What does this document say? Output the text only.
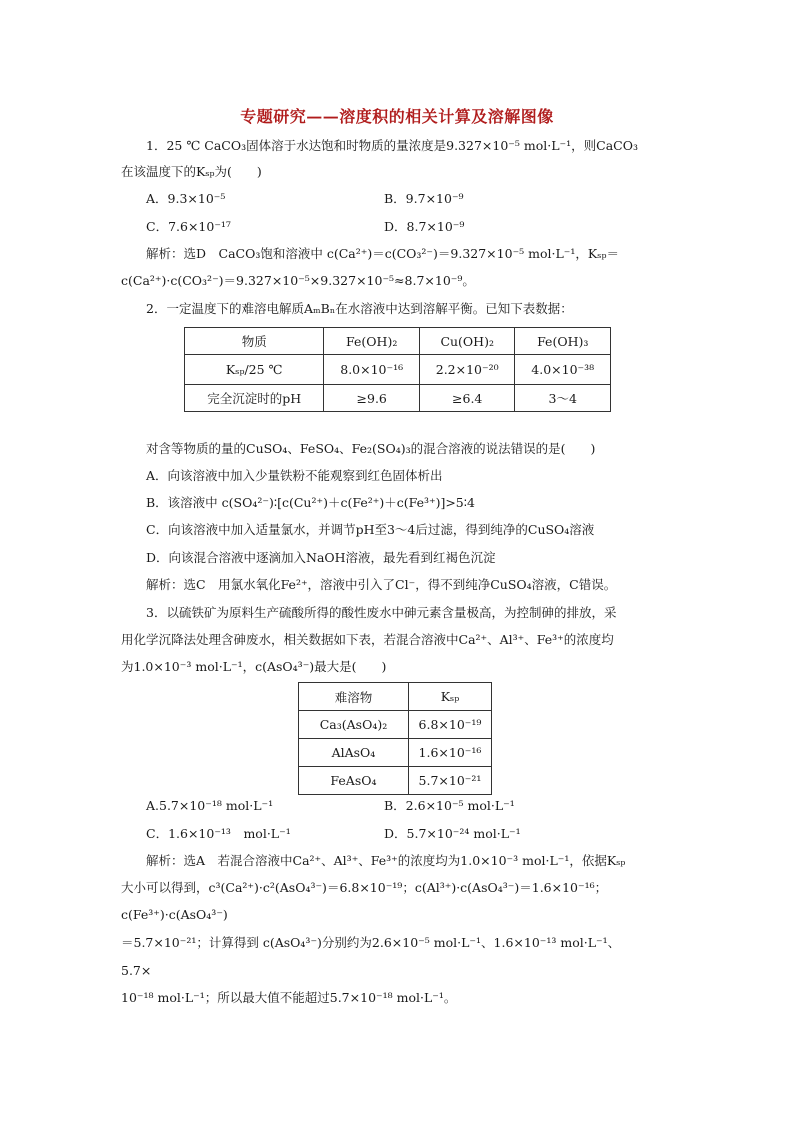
专题研究——溶度积的相关计算及溶解图像
1．25 ℃ CaCO₃固体溶于水达饱和时物质的量浓度是9.327×10⁻⁵ mol·L⁻¹，则CaCO₃
在该温度下的Kₛₚ为(　　)
A．9.3×10⁻⁵	B．9.7×10⁻⁹
C．7.6×10⁻¹⁷	D．8.7×10⁻⁹
解析：选D　CaCO₃饱和溶液中 c(Ca²⁺)＝c(CO₃²⁻)＝9.327×10⁻⁵ mol·L⁻¹，Kₛₚ＝
c(Ca²⁺)·c(CO₃²⁻)＝9.327×10⁻⁵×9.327×10⁻⁵≈8.7×10⁻⁹。
2．一定温度下的难溶电解质AₘBₙ在水溶液中达到溶解平衡。已知下表数据：
物质	Fe(OH)₂	Cu(OH)₂	Fe(OH)₃
Kₛₚ/25 ℃	8.0×10⁻¹⁶	2.2×10⁻²⁰	4.0×10⁻³⁸
完全沉淀时的pH	≥9.6	≥6.4	3～4
对含等物质的量的CuSO₄、FeSO₄、Fe₂(SO₄)₃的混合溶液的说法错误的是(　　)
A．向该溶液中加入少量铁粉不能观察到红色固体析出
B．该溶液中 c(SO₄²⁻)∶[c(Cu²⁺)＋c(Fe²⁺)＋c(Fe³⁺)]>5∶4
C．向该溶液中加入适量氯水，并调节pH至3～4后过滤，得到纯净的CuSO₄溶液
D．向该混合溶液中逐滴加入NaOH溶液，最先看到红褐色沉淀
解析：选C　用氯水氧化Fe²⁺，溶液中引入了Cl⁻，得不到纯净CuSO₄溶液，C错误。
3．以硫铁矿为原料生产硫酸所得的酸性废水中砷元素含量极高，为控制砷的排放，采
用化学沉降法处理含砷废水，相关数据如下表，若混合溶液中Ca²⁺、Al³⁺、Fe³⁺的浓度均
为1.0×10⁻³ mol·L⁻¹，c(AsO₄³⁻)最大是(　　)
难溶物	Kₛₚ
Ca₃(AsO₄)₂	6.8×10⁻¹⁹
AlAsO₄	1.6×10⁻¹⁶
FeAsO₄	5.7×10⁻²¹
A.5.7×10⁻¹⁸ mol·L⁻¹	B．2.6×10⁻⁵ mol·L⁻¹
C．1.6×10⁻¹³　mol·L⁻¹	D．5.7×10⁻²⁴ mol·L⁻¹
解析：选A　若混合溶液中Ca²⁺、Al³⁺、Fe³⁺的浓度均为1.0×10⁻³ mol·L⁻¹，依据Kₛₚ
大小可以得到，c³(Ca²⁺)·c²(AsO₄³⁻)＝6.8×10⁻¹⁹；c(Al³⁺)·c(AsO₄³⁻)＝1.6×10⁻¹⁶；
c(Fe³⁺)·c(AsO₄³⁻)
＝5.7×10⁻²¹；计算得到 c(AsO₄³⁻)分别约为2.6×10⁻⁵ mol·L⁻¹、1.6×10⁻¹³ mol·L⁻¹、
5.7×
10⁻¹⁸ mol·L⁻¹；所以最大值不能超过5.7×10⁻¹⁸ mol·L⁻¹。
